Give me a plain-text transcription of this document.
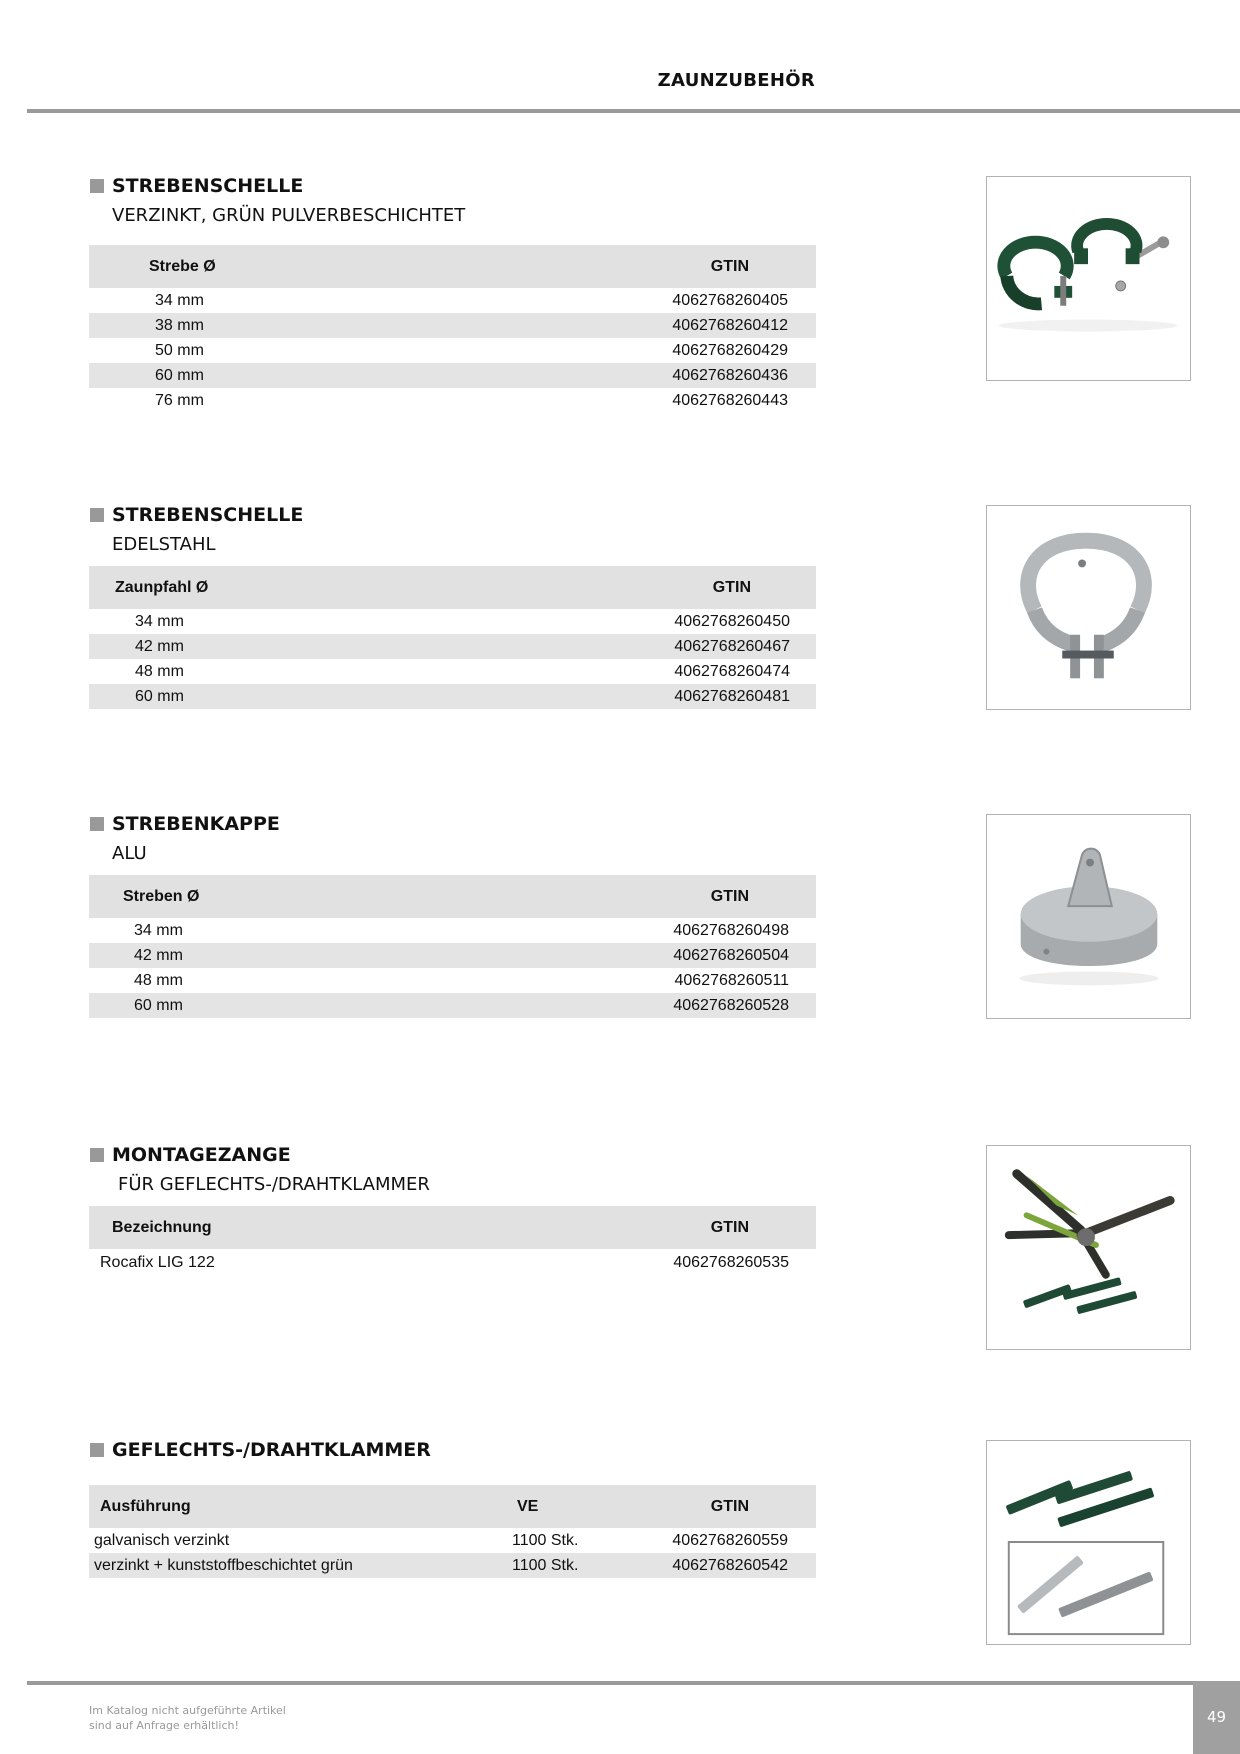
ZAUNZUBEHÖR
STREBENSCHELLE
VERZINKT, GRÜN PULVERBESCHICHTET
Strebe Ø	GTIN
34 mm	4062768260405
38 mm	4062768260412
50 mm	4062768260429
60 mm	4062768260436
76 mm	4062768260443
STREBENSCHELLE
EDELSTAHL
Zaunpfahl Ø	GTIN
34 mm	4062768260450
42 mm	4062768260467
48 mm	4062768260474
60 mm	4062768260481
STREBENKAPPE
ALU
Streben Ø	GTIN
34 mm	4062768260498
42 mm	4062768260504
48 mm	4062768260511
60 mm	4062768260528
MONTAGEZANGE
FÜR GEFLECHTS-/DRAHTKLAMMER
Bezeichnung	GTIN
Rocafix LIG 122	4062768260535
GEFLECHTS-/DRAHTKLAMMER
Ausführung	VE	GTIN
galvanisch verzinkt	1100 Stk.	4062768260559
verzinkt + kunststoffbeschichtet grün	1100 Stk.	4062768260542
Im Katalog nicht aufgeführte Artikel
sind auf Anfrage erhältlich!	49
